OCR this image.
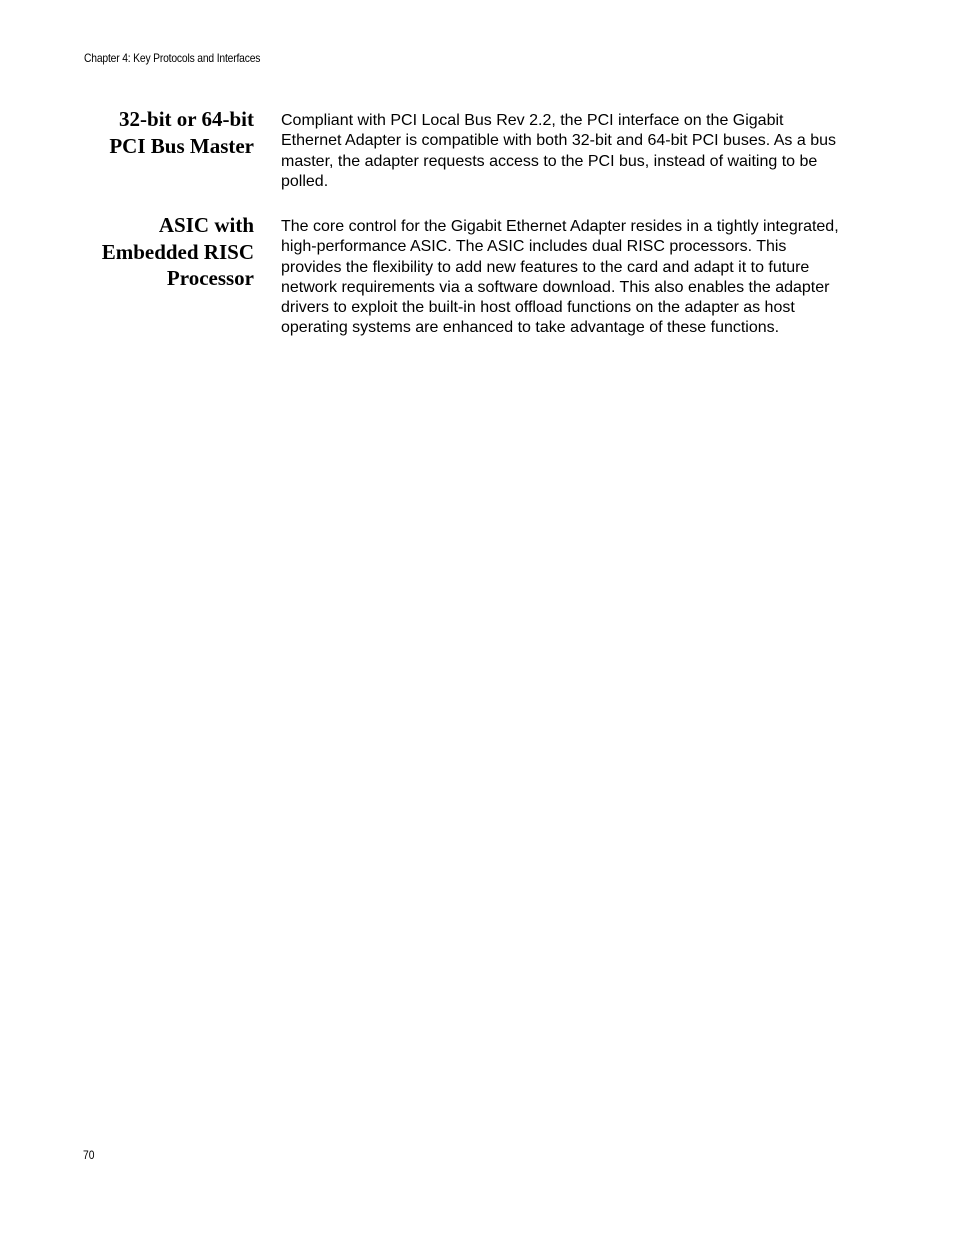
Chapter 4: Key Protocols and Interfaces
32-bit or 64-bit
PCI Bus Master

Compliant with PCI Local Bus Rev 2.2, the PCI interface on the Gigabit Ethernet Adapter is compatible with both 32-bit and 64-bit PCI buses. As a bus master, the adapter requests access to the PCI bus, instead of waiting to be polled.

ASIC with
Embedded RISC
Processor

The core control for the Gigabit Ethernet Adapter resides in a tightly integrated, high-performance ASIC. The ASIC includes dual RISC processors. This provides the flexibility to add new features to the card and adapt it to future network requirements via a software download. This also enables the adapter drivers to exploit the built-in host offload functions on the adapter as host operating systems are enhanced to take advantage of these functions.

70
